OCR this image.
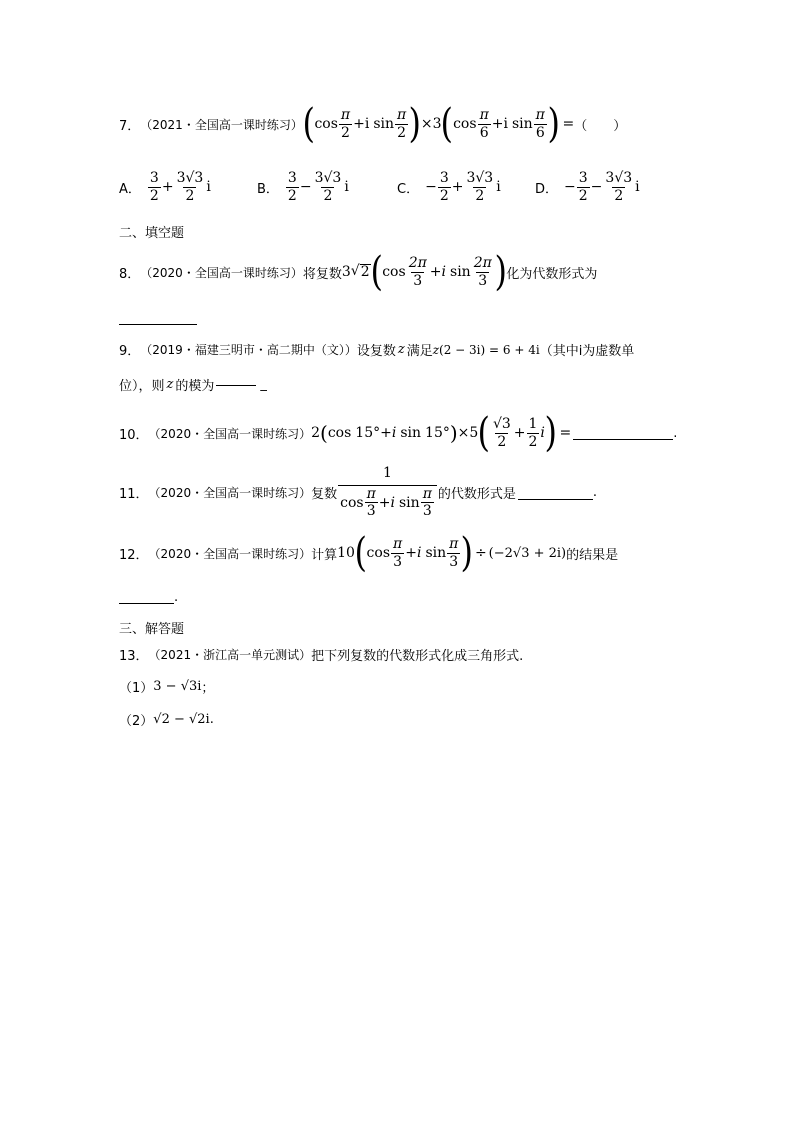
7． （2021・全国高一课时练习） ( $\cos \frac{\pi}{2} + i$ $\sin \frac{\pi}{2}$ ) × 3 ( $\cos \frac{\pi}{6} + i$ $\sin \frac{\pi}{6}$ ) = （　　）
A． $\frac{3}{2} + \frac{3√3}{2}$ i	B． $\frac{3}{2} - \frac{3√3}{2}$ i	C． − $\frac{3}{2} + \frac{3√3}{2}$ i	D． − $\frac{3}{2} - \frac{3√3}{2}$ i
二、填空题
8． （2020・全国高一课时练习） 将复数 3 √ 2 ( $\cos \frac{2\pi}{3} + i$ $\sin \frac{2\pi}{3}$ ) 化为代数形式为
9． （2019・福建三明市・高二期中（文）） 设复数 z 满足 z (2 − 3i) = 6 + 4i （其中i为虚数单
位），则 z 的模为	_
10． （2020・全国高一课时练习） 2 ( cos 15° + i sin 15° ) × 5 ( $\frac{√3}{2} + \frac{1}{2}$ i ) =	.
11． （2020・全国高一课时练习） 复数 $\frac{1}{\cos \frac{\pi}{3} + i \sin \frac{\pi}{3}}$ 的代数形式是	.
12． （2020・全国高一课时练习） 计算 10 ( $\cos \frac{\pi}{3} + i$ $\sin \frac{\pi}{3}$ ) ÷ (−2√3 + 2i) 的结果是
.
三、解答题
13． （2021・浙江高一单元测试） 把下列复数的代数形式化成三角形式.
（1） 3 − √3i ；
（2） √2 − √2i .
